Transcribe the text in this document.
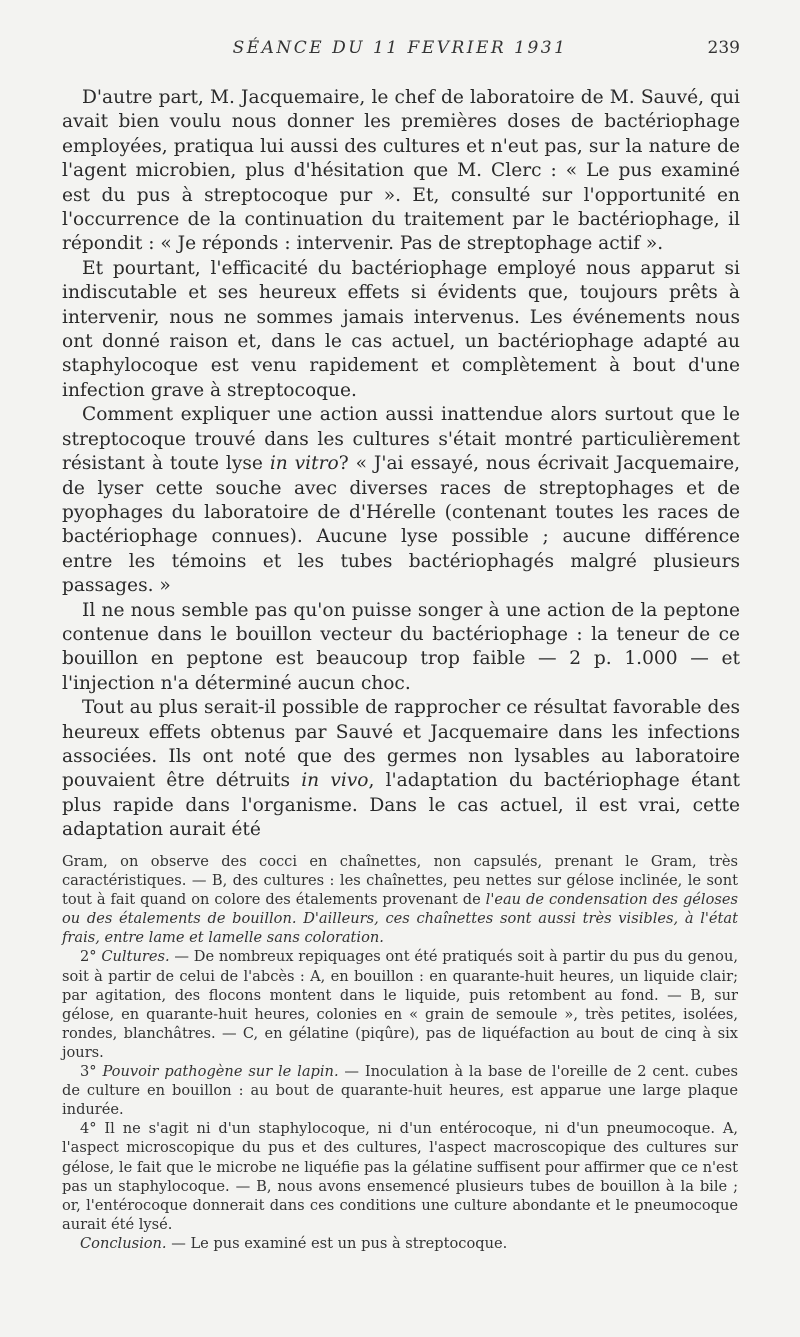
SÉANCE DU 11 FEVRIER 1931	239

D'autre part, M. Jacquemaire, le chef de laboratoire de M. Sauvé, qui avait bien voulu nous donner les premières doses de bactériophage employées, pratiqua lui aussi des cultures et n'eut pas, sur la nature de l'agent microbien, plus d'hésitation que M. Clerc : « Le pus examiné est du pus à streptocoque pur ». Et, consulté sur l'opportunité en l'occurrence de la continuation du traitement par le bactériophage, il répondit : « Je réponds : intervenir. Pas de streptophage actif ».

Et pourtant, l'efficacité du bactériophage employé nous apparut si indiscutable et ses heureux effets si évidents que, toujours prêts à intervenir, nous ne sommes jamais intervenus. Les événements nous ont donné raison et, dans le cas actuel, un bactériophage adapté au staphylocoque est venu rapidement et complètement à bout d'une infection grave à streptocoque.

Comment expliquer une action aussi inattendue alors surtout que le streptocoque trouvé dans les cultures s'était montré particulièrement résistant à toute lyse in vitro? « J'ai essayé, nous écrivait Jacquemaire, de lyser cette souche avec diverses races de streptophages et de pyophages du laboratoire de d'Hérelle (contenant toutes les races de bactériophage connues). Aucune lyse possible ; aucune différence entre les témoins et les tubes bactériophagés malgré plusieurs passages. »

Il ne nous semble pas qu'on puisse songer à une action de la peptone contenue dans le bouillon vecteur du bactériophage : la teneur de ce bouillon en peptone est beaucoup trop faible — 2 p. 1.000 — et l'injection n'a déterminé aucun choc.

Tout au plus serait-il possible de rapprocher ce résultat favorable des heureux effets obtenus par Sauvé et Jacquemaire dans les infections associées. Ils ont noté que des germes non lysables au laboratoire pouvaient être détruits in vivo, l'adaptation du bactériophage étant plus rapide dans l'organisme. Dans le cas actuel, il est vrai, cette adaptation aurait été

Gram, on observe des cocci en chaînettes, non capsulés, prenant le Gram, très caractéristiques. — B, des cultures : les chaînettes, peu nettes sur gélose inclinée, le sont tout à fait quand on colore des étalements provenant de l'eau de condensation des géloses ou des étalements de bouillon. D'ailleurs, ces chaînettes sont aussi très visibles, à l'état frais, entre lame et lamelle sans coloration.

2° Cultures. — De nombreux repiquages ont été pratiqués soit à partir du pus du genou, soit à partir de celui de l'abcès : A, en bouillon : en quarante-huit heures, un liquide clair; par agitation, des flocons montent dans le liquide, puis retombent au fond. — B, sur gélose, en quarante-huit heures, colonies en « grain de semoule », très petites, isolées, rondes, blanchâtres. — C, en gélatine (piqûre), pas de liquéfaction au bout de cinq à six jours.

3° Pouvoir pathogène sur le lapin. — Inoculation à la base de l'oreille de 2 cent. cubes de culture en bouillon : au bout de quarante-huit heures, est apparue une large plaque indurée.

4° Il ne s'agit ni d'un staphylocoque, ni d'un entérocoque, ni d'un pneumocoque. A, l'aspect microscopique du pus et des cultures, l'aspect macroscopique des cultures sur gélose, le fait que le microbe ne liquéfie pas la gélatine suffisent pour affirmer que ce n'est pas un staphylocoque. — B, nous avons ensemencé plusieurs tubes de bouillon à la bile ; or, l'entérocoque donnerait dans ces conditions une culture abondante et le pneumocoque aurait été lysé.

Conclusion. — Le pus examiné est un pus à streptocoque.
